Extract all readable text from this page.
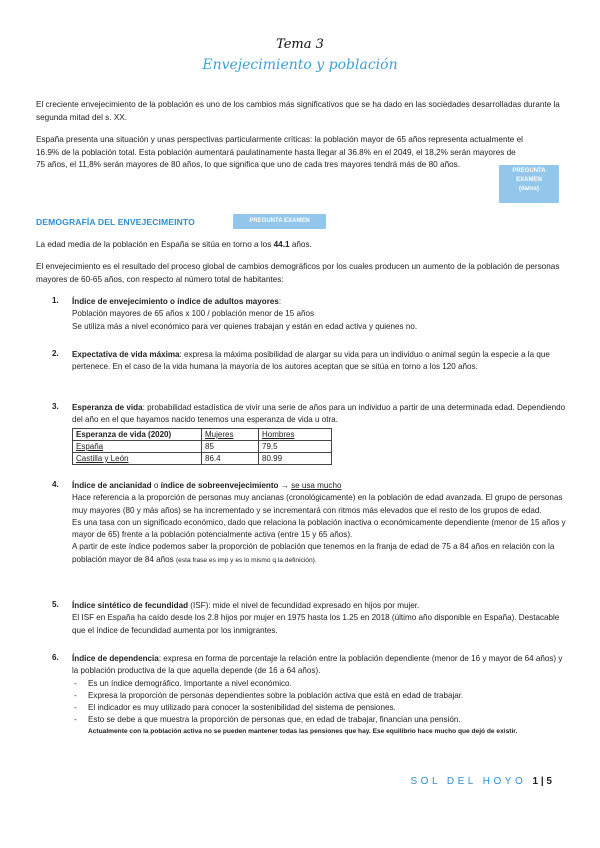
Tema 3
Envejecimiento y población

El creciente envejecimiento de la población es uno de los cambios más significativos que se ha dado en las sociedades desarrolladas durante la segunda mitad del s. XX.

España presenta una situación y unas perspectivas particularmente críticas: la población mayor de 65 años representa actualmente el 16.9% de la población total. Esta población aumentará paulatinamente hasta llegar al 36.8% en el 2049, el 18,2% serán mayores de 75 años, el 11,8% serán mayores de 80 años, lo que significa que uno de cada tres mayores tendrá más de 80 años.

PREGUNTA
EXAMEN
(datos)
DEMOGRAFÍA DEL ENVEJECIMEINTO	PREGUNTA EXAMEN

La edad media de la población en España se sitúa en torno a los 44.1 años.

El envejecimiento es el resultado del proceso global de cambios demográficos por los cuales producen un aumento de la población de personas mayores de 60-65 años, con respecto al número total de habitantes:

1. Índice de envejecimiento o índice de adultos mayores:
Población mayores de 65 años x 100 / población menor de 15 años
Se utiliza más a nivel económico para ver quienes trabajan y están en edad activa y quienes no.
2. Expectativa de vida máxima: expresa la máxima posibilidad de alargar su vida para un individuo o animal según la especie a la que pertenece. En el caso de la vida humana la mayoría de los autores aceptan que se sitúa en torno a los 120 años.
3. Esperanza de vida: probabilidad estadística de vivir una serie de años para un individuo a partir de una determinada edad. Dependiendo del año en el que hayamos nacido tenemos una esperanza de vida u otra.
Esperanza de vida (2020)	Mujeres	Hombres
España	85	79.5
Castilla y León	86.4	80.99
4. Índice de ancianidad o índice de sobreenvejecimiento → se usa mucho
Hace referencia a la proporción de personas muy ancianas (cronológicamente) en la población de edad avanzada. El grupo de personas muy mayores (80 y más años) se ha incrementado y se incrementará con ritmos más elevados que el resto de los grupos de edad.
Es una tasa con un significado económico, dado que relaciona la población inactiva o económicamente dependiente (menor de 15 años y mayor de 65) frente a la población potencialmente activa (entre 15 y 65 años).
A partir de este índice podemos saber la proporción de población que tenemos en la franja de edad de 75 a 84 años en relación con la población mayor de 84 años (esta frase es imp y es lo mismo q la definición).
5. Índice sintético de fecundidad (ISF): mide el nivel de fecundidad expresado en hijos por mujer.
El ISF en España ha caído desde los 2.8 hijos por mujer en 1975 hasta los 1.25 en 2018 (último año disponible en España). Destacable que el índice de fecundidad aumenta por los inmigrantes.
6. Índice de dependencia: expresa en forma de porcentaje la relación entre la población dependiente (menor de 16 y mayor de 64 años) y la población productiva de la que aquella depende (de 16 a 64 años).
- Es un índice demográfico. Importante a nivel económico.
- Expresa la proporción de personas dependientes sobre la población activa que está en edad de trabajar.
- El indicador es muy utilizado para conocer la sostenibilidad del sistema de pensiones.
- Esto se debe a que muestra la proporción de personas que, en edad de trabajar, financian una pensión.
Actualmente con la población activa no se pueden mantener todas las pensiones que hay. Ese equilibrio hace mucho que dejó de existir.
SOL DEL HOYO 1 | 5
